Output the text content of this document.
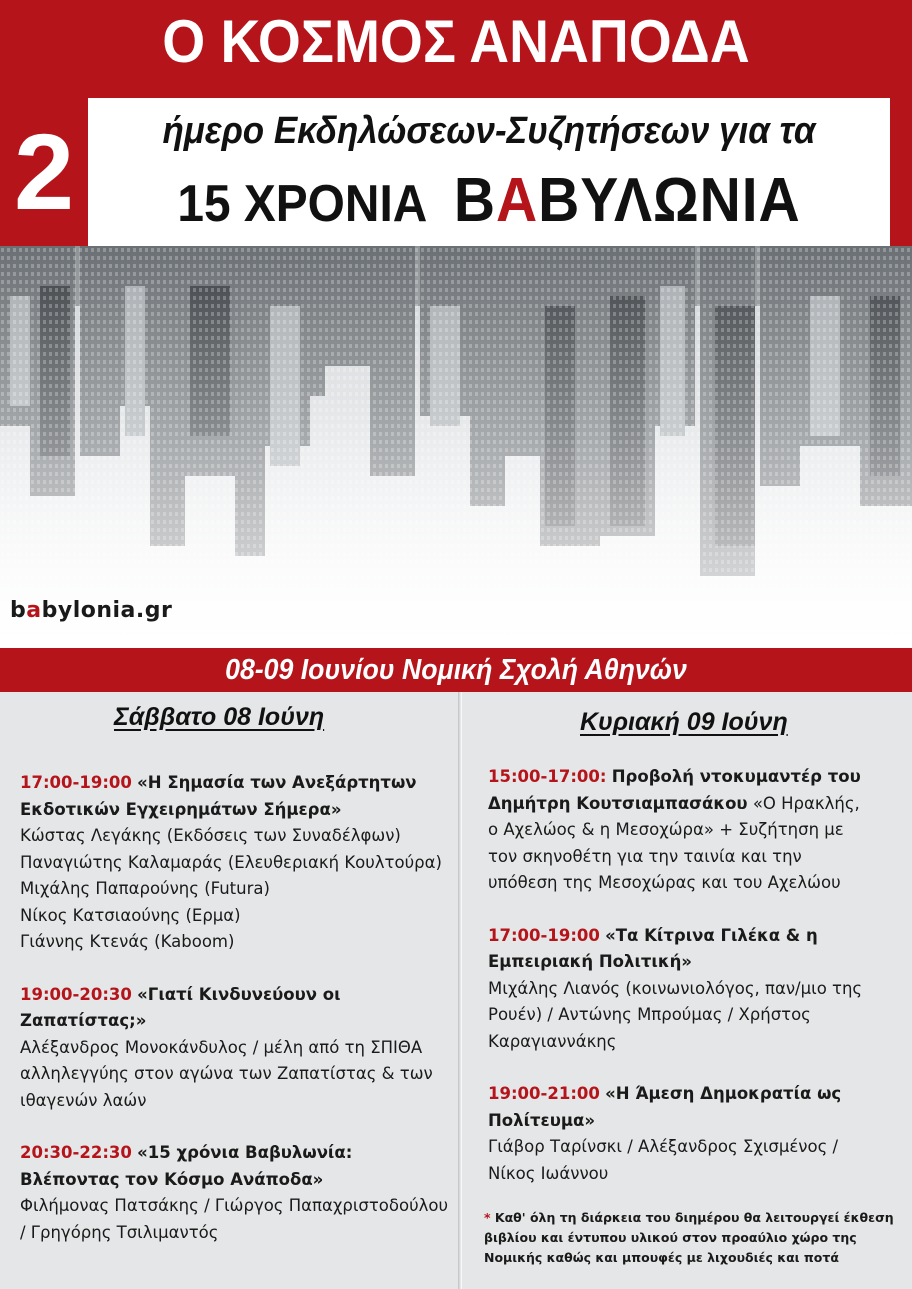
Ο ΚΟΣΜΟΣ ΑΝΑΠΟΔΑ
2	ήμερο Εκδηλώσεων-Συζητήσεων για τα
15 ΧΡΟΝΙΑ BABΥΛΩΝΙΑ
babylonia.gr
08-09 Ιουνίου Νομική Σχολή Αθηνών
Σάββατο 08 Ιούνη	Κυριακή 09 Ιούνη

17:00-19:00 «Η Σημασία των Ανεξάρτητων Εκδοτικών Εγχειρημάτων Σήμερα»

Κώστας Λεγάκης (Εκδόσεις των Συναδέλφων)

Παναγιώτης Καλαμαράς (Ελευθεριακή Κουλτούρα)

Μιχάλης Παπαρούνης (Futura)

Νίκος Κατσιαούνης (Ερμα)

Γιάννης Κτενάς (Kaboom)

19:00-20:30 «Γιατί Κινδυνεύουν οι Ζαπατίστας;»

Αλέξανδρος Μονοκάνδυλος / μέλη από τη ΣΠΙΘΑ αλληλεγγύης στον αγώνα των Ζαπατίστας & των ιθαγενών λαών

20:30-22:30 «15 χρόνια Βαβυλωνία: Βλέποντας τον Κόσμο Ανάποδα»

Φιλήμονας Πατσάκης / Γιώργος Παπαχριστοδούλου / Γρηγόρης Τσιλιμαντός

15:00-17:00: Προβολή ντοκυμαντέρ του Δημήτρη Κουτσιαμπασάκου «Ο Ηρακλής, ο Αχελώος & η Μεσοχώρα» + Συζήτηση με τον σκηνοθέτη για την ταινία και την υπόθεση της Μεσοχώρας και του Αχελώου

17:00-19:00 «Τα Κίτρινα Γιλέκα & η Εμπειριακή Πολιτική»

Μιχάλης Λιανός (κοινωνιολόγος, παν/μιο της Ρουέν) / Αντώνης Μπρούμας / Χρήστος Καραγιαννάκης

19:00-21:00 «Η Άμεση Δημοκρατία ως Πολίτευμα»

Γιάβορ Ταρίνσκι / Αλέξανδρος Σχισμένος / Νίκος Ιωάννου

* Καθ' όλη τη διάρκεια του διημέρου θα λειτουργεί έκθεση βιβλίου και έντυπου υλικού στον προαύλιο χώρο της Νομικής καθώς και μπουφές με λιχουδιές και ποτά
